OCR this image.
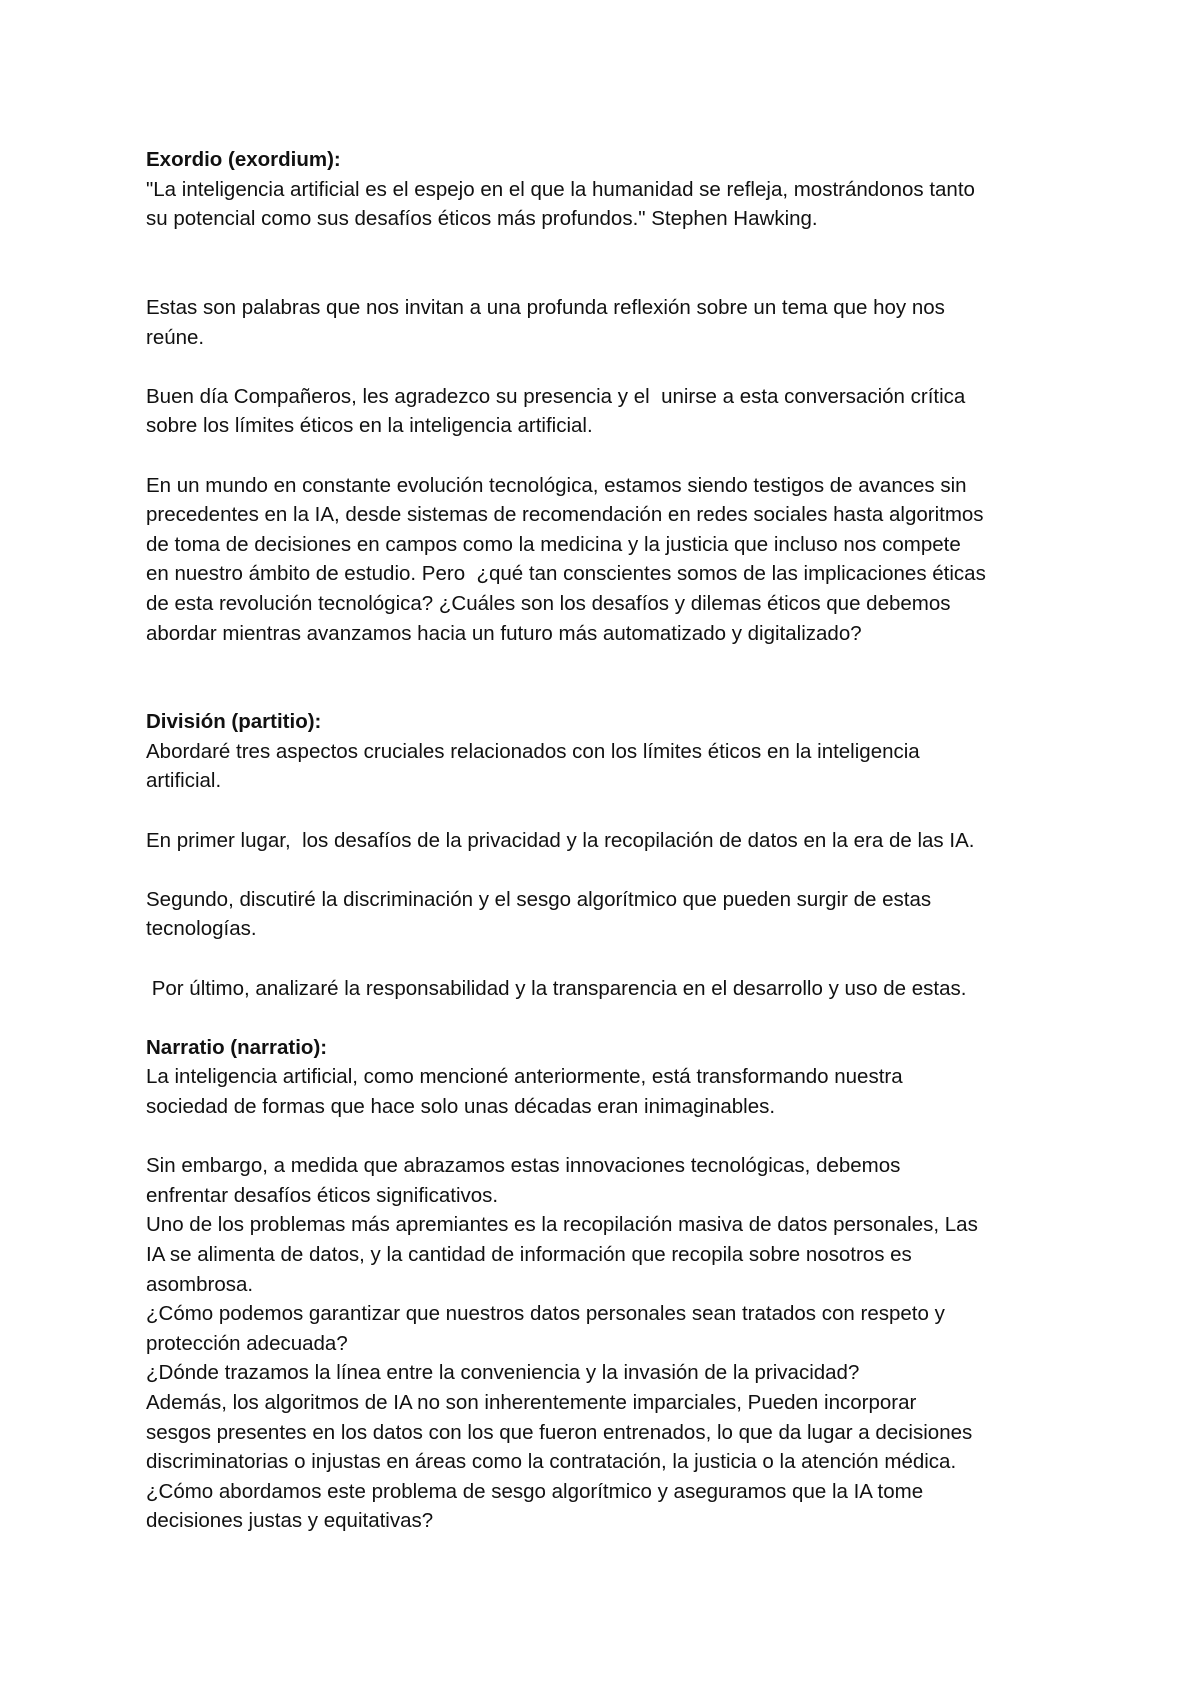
Exordio (exordium):
"La inteligencia artificial es el espejo en el que la humanidad se refleja, mostrándonos tanto
su potencial como sus desafíos éticos más profundos." Stephen Hawking.
Estas son palabras que nos invitan a una profunda reflexión sobre un tema que hoy nos
reúne.
Buen día Compañeros, les agradezco su presencia y el  unirse a esta conversación crítica
sobre los límites éticos en la inteligencia artificial.
En un mundo en constante evolución tecnológica, estamos siendo testigos de avances sin
precedentes en la IA, desde sistemas de recomendación en redes sociales hasta algoritmos
de toma de decisiones en campos como la medicina y la justicia que incluso nos compete
en nuestro ámbito de estudio. Pero  ¿qué tan conscientes somos de las implicaciones éticas
de esta revolución tecnológica? ¿Cuáles son los desafíos y dilemas éticos que debemos
abordar mientras avanzamos hacia un futuro más automatizado y digitalizado?
División (partitio):
Abordaré tres aspectos cruciales relacionados con los límites éticos en la inteligencia
artificial.
En primer lugar,  los desafíos de la privacidad y la recopilación de datos en la era de las IA.
Segundo, discutiré la discriminación y el sesgo algorítmico que pueden surgir de estas
tecnologías.
Por último, analizaré la responsabilidad y la transparencia en el desarrollo y uso de estas.
Narratio (narratio):
La inteligencia artificial, como mencioné anteriormente, está transformando nuestra
sociedad de formas que hace solo unas décadas eran inimaginables.
Sin embargo, a medida que abrazamos estas innovaciones tecnológicas, debemos
enfrentar desafíos éticos significativos.
Uno de los problemas más apremiantes es la recopilación masiva de datos personales, Las
IA se alimenta de datos, y la cantidad de información que recopila sobre nosotros es
asombrosa.
¿Cómo podemos garantizar que nuestros datos personales sean tratados con respeto y
protección adecuada?
¿Dónde trazamos la línea entre la conveniencia y la invasión de la privacidad?
Además, los algoritmos de IA no son inherentemente imparciales, Pueden incorporar
sesgos presentes en los datos con los que fueron entrenados, lo que da lugar a decisiones
discriminatorias o injustas en áreas como la contratación, la justicia o la atención médica.
¿Cómo abordamos este problema de sesgo algorítmico y aseguramos que la IA tome
decisiones justas y equitativas?
